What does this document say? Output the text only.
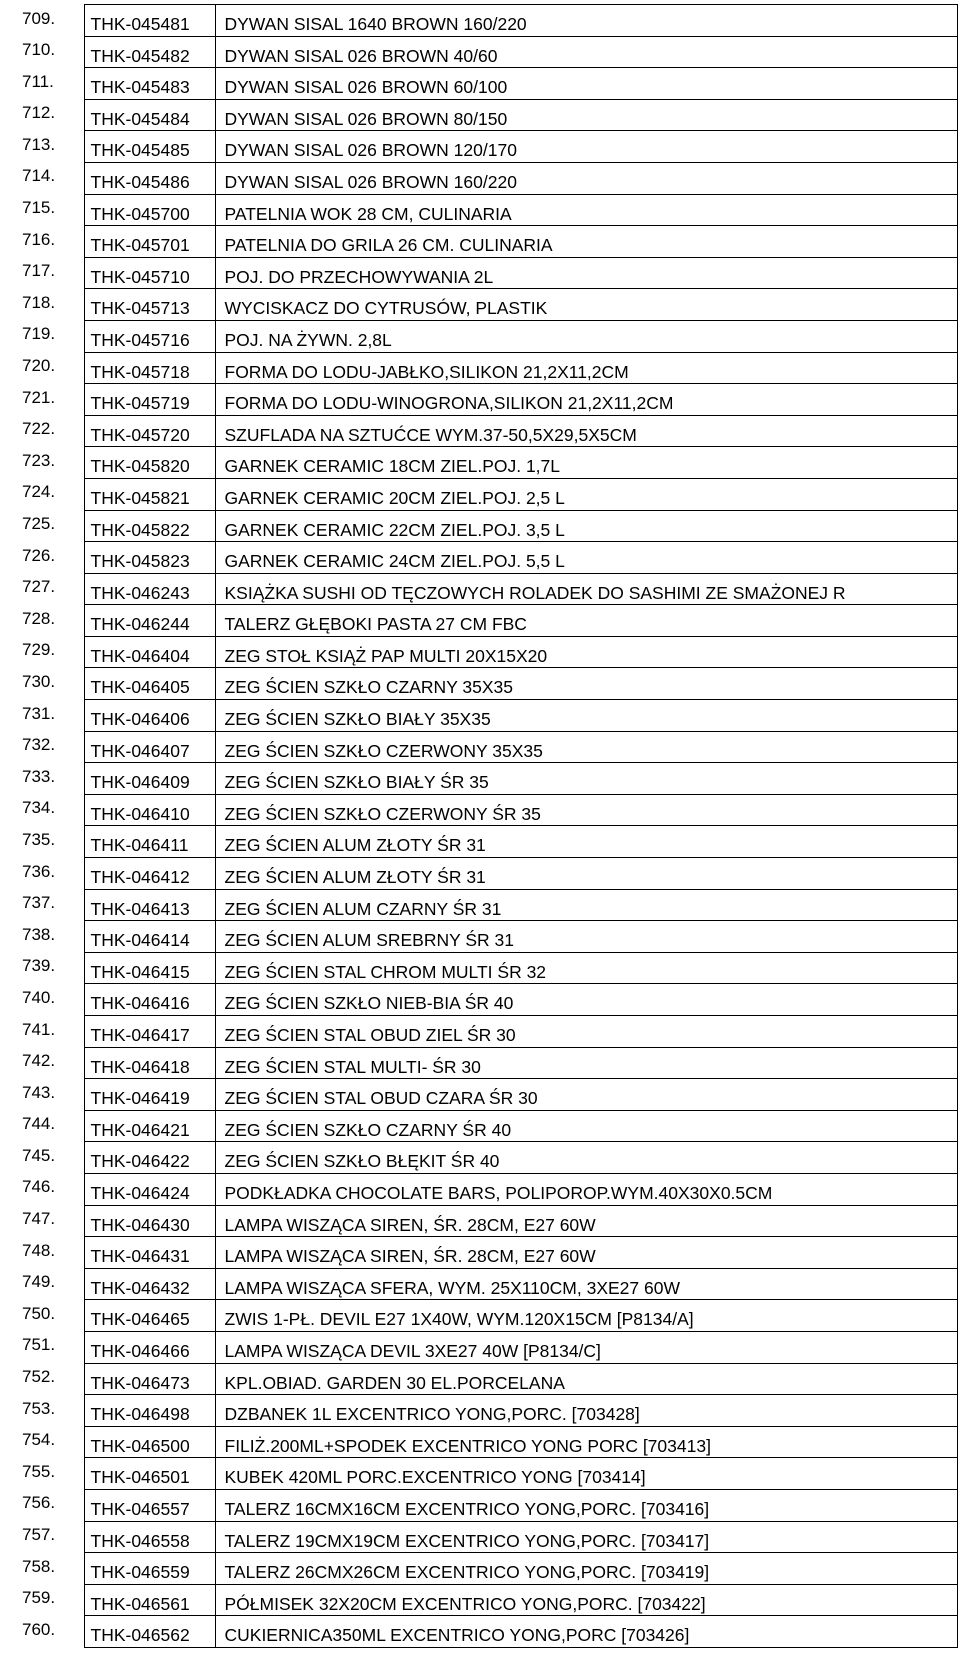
709.	THK-045481	DYWAN SISAL 1640 BROWN 160/220
710.	THK-045482	DYWAN SISAL 026 BROWN 40/60
711.	THK-045483	DYWAN SISAL 026 BROWN 60/100
712.	THK-045484	DYWAN SISAL 026 BROWN 80/150
713.	THK-045485	DYWAN SISAL 026 BROWN 120/170
714.	THK-045486	DYWAN SISAL 026 BROWN 160/220
715.	THK-045700	PATELNIA WOK 28 CM, CULINARIA
716.	THK-045701	PATELNIA DO GRILA 26 CM. CULINARIA
717.	THK-045710	POJ. DO PRZECHOWYWANIA 2L
718.	THK-045713	WYCISKACZ DO CYTRUSÓW, PLASTIK
719.	THK-045716	POJ. NA ŻYWN. 2,8L
720.	THK-045718	FORMA DO LODU-JABŁKO,SILIKON 21,2X11,2CM
721.	THK-045719	FORMA DO LODU-WINOGRONA,SILIKON 21,2X11,2CM
722.	THK-045720	SZUFLADA NA SZTUĆCE WYM.37-50,5X29,5X5CM
723.	THK-045820	GARNEK CERAMIC 18CM ZIEL.POJ. 1,7L
724.	THK-045821	GARNEK CERAMIC 20CM ZIEL.POJ. 2,5 L
725.	THK-045822	GARNEK CERAMIC 22CM ZIEL.POJ. 3,5 L
726.	THK-045823	GARNEK CERAMIC 24CM ZIEL.POJ. 5,5 L
727.	THK-046243	KSIĄŻKA SUSHI OD TĘCZOWYCH ROLADEK DO SASHIMI ZE SMAŻONEJ R
728.	THK-046244	TALERZ GŁĘBOKI PASTA 27 CM FBC
729.	THK-046404	ZEG STOŁ KSIĄŻ PAP MULTI 20X15X20
730.	THK-046405	ZEG ŚCIEN SZKŁO CZARNY 35X35
731.	THK-046406	ZEG ŚCIEN SZKŁO BIAŁY 35X35
732.	THK-046407	ZEG ŚCIEN SZKŁO CZERWONY 35X35
733.	THK-046409	ZEG ŚCIEN SZKŁO BIAŁY ŚR 35
734.	THK-046410	ZEG ŚCIEN SZKŁO CZERWONY ŚR 35
735.	THK-046411	ZEG ŚCIEN ALUM ZŁOTY ŚR 31
736.	THK-046412	ZEG ŚCIEN ALUM ZŁOTY ŚR 31
737.	THK-046413	ZEG ŚCIEN ALUM CZARNY ŚR 31
738.	THK-046414	ZEG ŚCIEN ALUM SREBRNY ŚR 31
739.	THK-046415	ZEG ŚCIEN STAL CHROM MULTI ŚR 32
740.	THK-046416	ZEG ŚCIEN SZKŁO NIEB-BIA ŚR 40
741.	THK-046417	ZEG ŚCIEN STAL OBUD ZIEL ŚR 30
742.	THK-046418	ZEG ŚCIEN STAL MULTI- ŚR 30
743.	THK-046419	ZEG ŚCIEN STAL OBUD CZARA ŚR 30
744.	THK-046421	ZEG ŚCIEN SZKŁO CZARNY ŚR 40
745.	THK-046422	ZEG ŚCIEN SZKŁO BŁĘKIT ŚR 40
746.	THK-046424	PODKŁADKA CHOCOLATE BARS, POLIPOROP.WYM.40X30X0.5CM
747.	THK-046430	LAMPA WISZĄCA SIREN, ŚR. 28CM, E27 60W
748.	THK-046431	LAMPA WISZĄCA SIREN, ŚR. 28CM, E27 60W
749.	THK-046432	LAMPA WISZĄCA SFERA, WYM. 25X110CM, 3XE27 60W
750.	THK-046465	ZWIS 1-PŁ. DEVIL E27 1X40W, WYM.120X15CM [P8134/A]
751.	THK-046466	LAMPA WISZĄCA DEVIL 3XE27 40W [P8134/C]
752.	THK-046473	KPL.OBIAD. GARDEN 30 EL.PORCELANA
753.	THK-046498	DZBANEK 1L EXCENTRICO YONG,PORC. [703428]
754.	THK-046500	FILIŻ.200ML+SPODEK EXCENTRICO YONG PORC [703413]
755.	THK-046501	KUBEK 420ML PORC.EXCENTRICO YONG [703414]
756.	THK-046557	TALERZ 16CMX16CM EXCENTRICO YONG,PORC. [703416]
757.	THK-046558	TALERZ 19CMX19CM EXCENTRICO YONG,PORC. [703417]
758.	THK-046559	TALERZ 26CMX26CM EXCENTRICO YONG,PORC. [703419]
759.	THK-046561	PÓŁMISEK 32X20CM EXCENTRICO YONG,PORC. [703422]
760.	THK-046562	CUKIERNICA350ML EXCENTRICO YONG,PORC [703426]
